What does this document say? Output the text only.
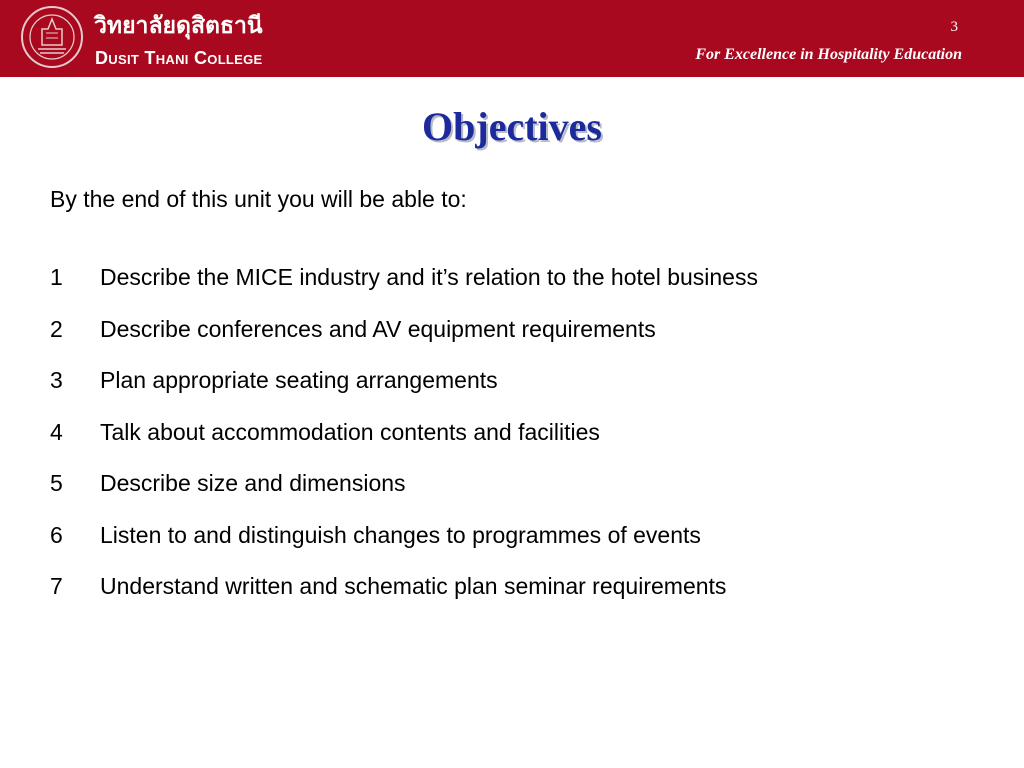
วิทยาลัยดุสิตธานี
Dusit Thani College
3
For Excellence in Hospitality Education
Objectives
By the end of this unit you will be able to:
1 Describe the MICE industry and it’s relation to the hotel business
2 Describe conferences and AV equipment requirements
3 Plan appropriate seating arrangements
4 Talk about accommodation contents and facilities
5 Describe size and dimensions
6 Listen to and distinguish changes to programmes of events
7 Understand written and schematic plan seminar requirements
